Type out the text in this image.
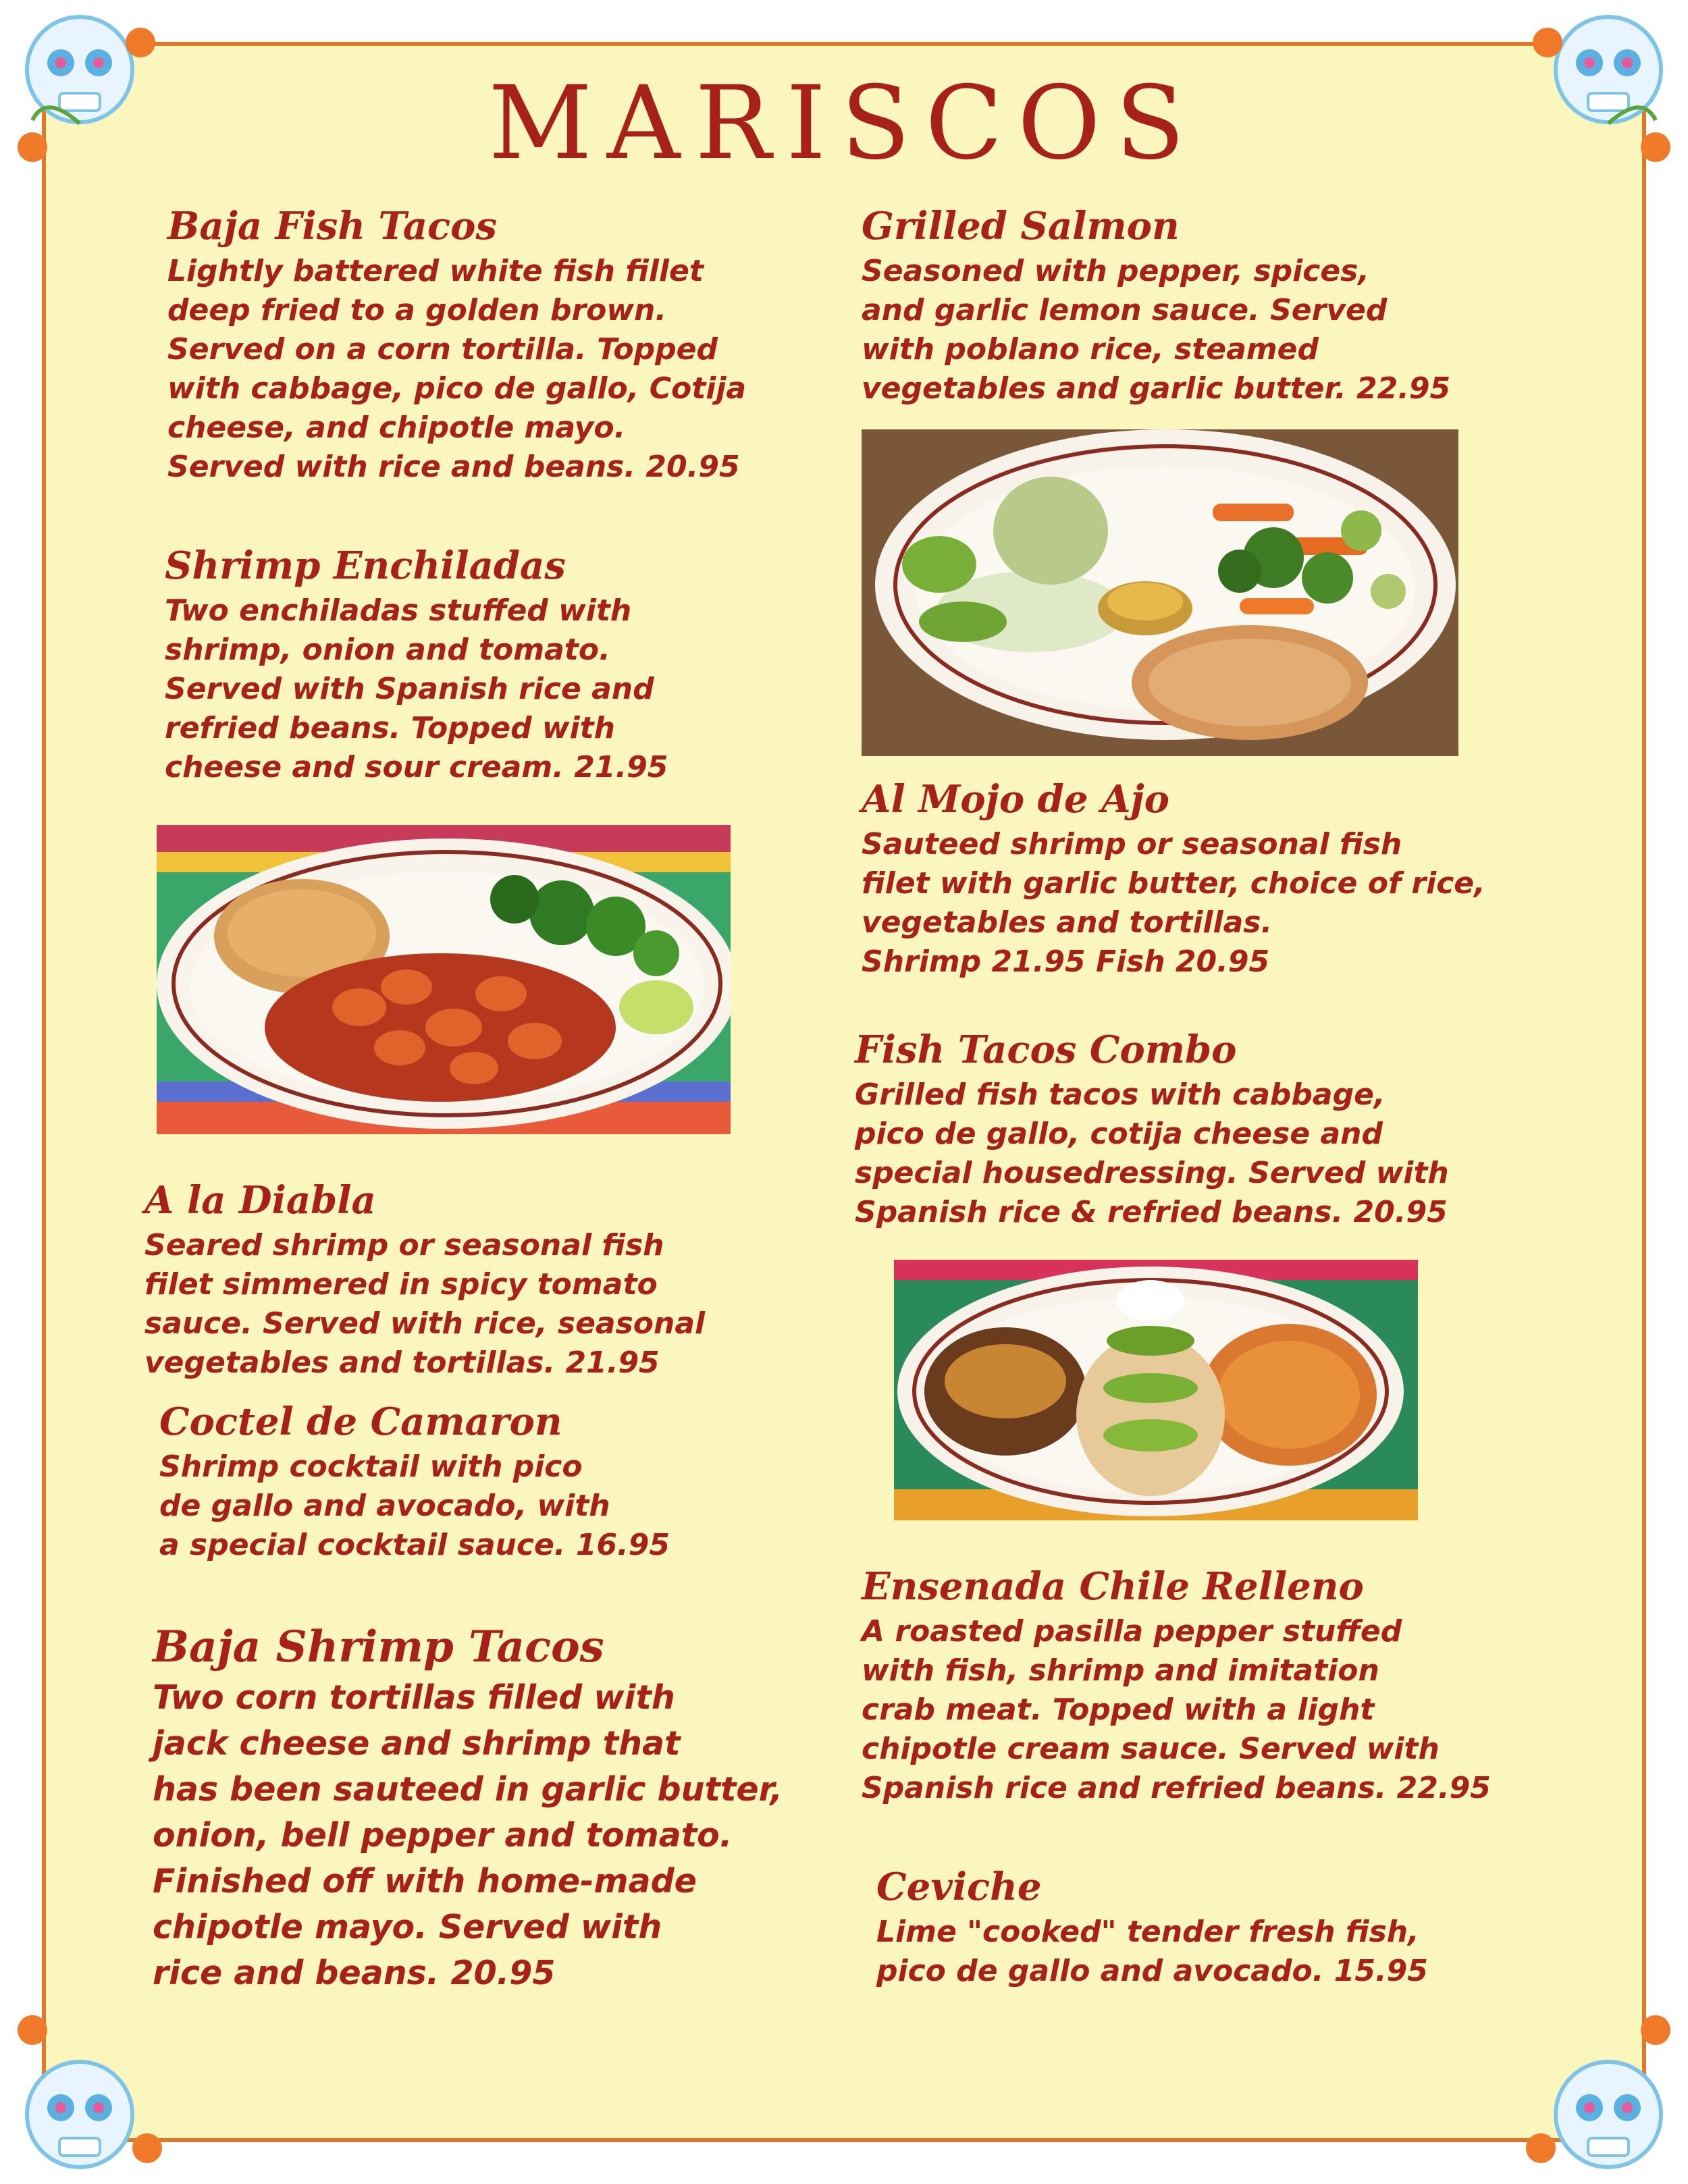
MARISCOS
Baja Fish Tacos

Lightly battered white fish fillet
deep fried to a golden brown.
Served on a corn tortilla. Topped
with cabbage, pico de gallo, Cotija
cheese, and chipotle mayo.
Served with rice and beans. 20.95

Shrimp Enchiladas

Two enchiladas stuffed with
shrimp, onion and tomato.
Served with Spanish rice and
refried beans. Topped with
cheese and sour cream. 21.95

A la Diabla

Seared shrimp or seasonal fish
filet simmered in spicy tomato
sauce. Served with rice, seasonal
vegetables and tortillas. 21.95

Coctel de Camaron

Shrimp cocktail with pico
de gallo and avocado, with
a special cocktail sauce. 16.95

Baja Shrimp Tacos

Two corn tortillas filled with
jack cheese and shrimp that
has been sauteed in garlic butter,
onion, bell pepper and tomato.
Finished off with home-made
chipotle mayo. Served with
rice and beans. 20.95

Grilled Salmon

Seasoned with pepper, spices,
and garlic lemon sauce. Served
with poblano rice, steamed
vegetables and garlic butter. 22.95

Al Mojo de Ajo

Sauteed shrimp or seasonal fish
filet with garlic butter, choice of rice,
vegetables and tortillas.
Shrimp 21.95 Fish 20.95

Fish Tacos Combo

Grilled fish tacos with cabbage,
pico de gallo, cotija cheese and
special housedressing. Served with
Spanish rice & refried beans. 20.95

Ensenada Chile Relleno

A roasted pasilla pepper stuffed
with fish, shrimp and imitation
crab meat. Topped with a light
chipotle cream sauce. Served with
Spanish rice and refried beans. 22.95

Ceviche

Lime "cooked" tender fresh fish,
pico de gallo and avocado. 15.95
